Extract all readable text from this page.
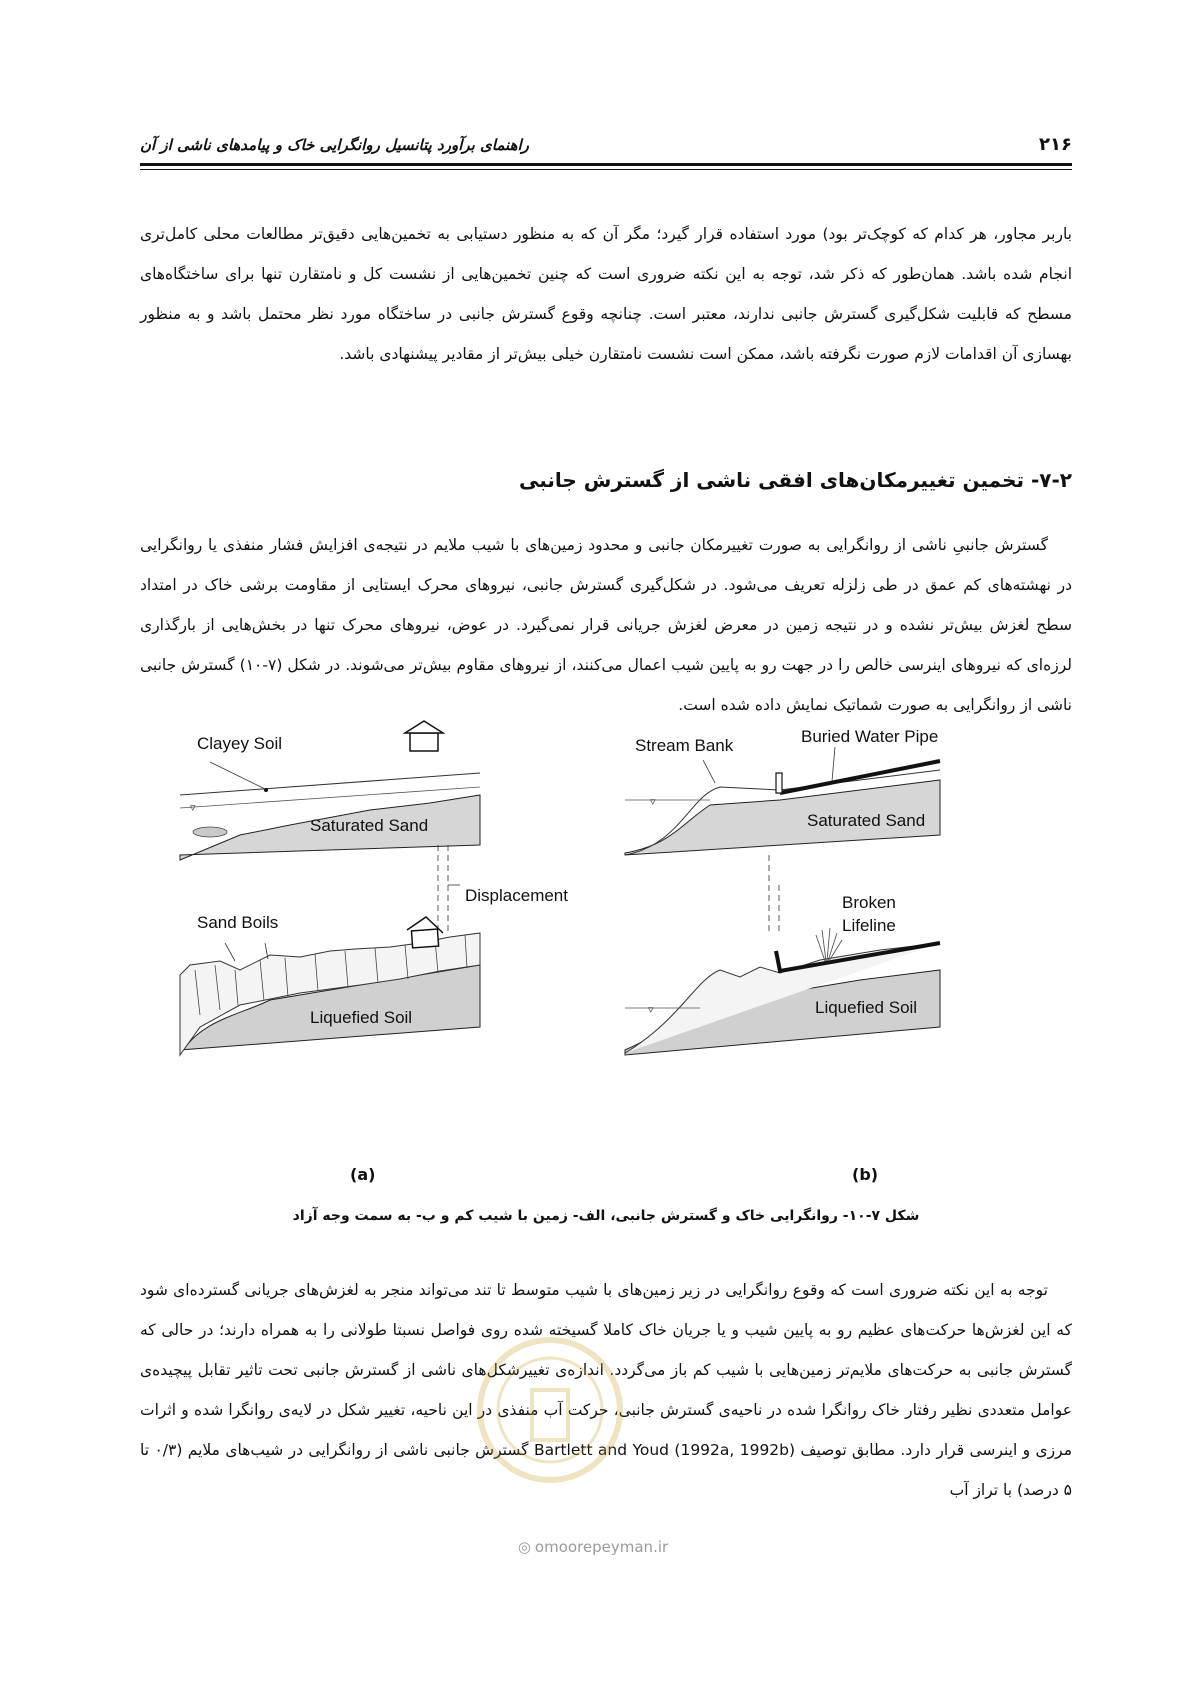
۲۱۶
راهنمای برآورد پتانسیل روانگرایی خاک و پیامدهای ناشی از آن

باربر مجاور، هر کدام که کوچک‌تر بود) مورد استفاده قرار گیرد؛ مگر آن که به منظور دستیابی به تخمین‌هایی دقیق‌تر مطالعات محلی کامل‌تری انجام شده باشد. همان‌طور که ذکر شد، توجه به این نکته ضروری است که چنین تخمین‌هایی از نشست کل و نامتقارن تنها برای ساختگاه‌های مسطح که قابلیت شکل‌گیری گسترش جانبی ندارند، معتبر است. چنانچه وقوع گسترش جانبی در ساختگاه مورد نظر محتمل باشد و به منظور بهسازی آن اقدامات لازم صورت نگرفته باشد، ممکن است نشست نامتقارن خیلی بیش‌تر از مقادیر پیشنهادی باشد.

۷-۲- تخمین تغییرمکان‌های افقی ناشی از گسترش جانبی

گسترش جانبیِ ناشی از روانگرایی به صورت تغییرمکان جانبی و محدود زمین‌های با شیب ملایم در نتیجه‌ی افزایش فشار منفذی یا روانگرایی در نهشته‌های کم عمق در طی زلزله تعریف می‌شود. در شکل‌گیری گسترش جانبی، نیروهای محرک ایستایی از مقاومت برشی خاک در امتداد سطح لغزش بیش‌تر نشده و در نتیجه زمین در معرض لغزش جریانی قرار نمی‌گیرد. در عوض، نیروهای محرک تنها در بخش‌هایی از بارگذاری لرزه‌ای که نیروهای اینرسی خالص را در جهت رو به پایین شیب اعمال می‌کنند، از نیروهای مقاوم بیش‌تر می‌شوند. در شکل (۷-۱۰) گسترش جانبی ناشی از روانگرایی به صورت شماتیک نمایش داده شده است.

▿
Clayey Soil
Saturated Sand
Displacement
Sand Boils
Liquefied Soil
▿
Stream Bank	Buried Water Pipe
Saturated Sand
▿
Broken
Lifeline
Liquefied Soil
(a)	(b)
شکل ۷-۱۰- روانگرایی خاک و گسترش جانبی، الف- زمین با شیب کم و ب- به سمت وجه آزاد

توجه به این نکته ضروری است که وقوع روانگرایی در زیر زمین‌های با شیب متوسط تا تند می‌تواند منجر به لغزش‌های جریانی گسترده‌ای شود که این لغزش‌ها حرکت‌های عظیم رو به پایین شیب و یا جریان خاک کاملا گسیخته شده روی فواصل نسبتا طولانی را به همراه دارند؛ در حالی که گسترش جانبی به حرکت‌های ملایم‌تر زمین‌هایی با شیب کم باز می‌گردد. اندازه‌ی تغییرشکل‌های ناشی از گسترش جانبی تحت تاثیر تقابل پیچیده‌ی عوامل متعددی نظیر رفتار خاک روانگرا شده در ناحیه‌ی گسترش جانبی، حرکت آب منفذی در این ناحیه، تغییر شکل در لایه‌ی روانگرا شده و اثرات مرزی و اینرسی قرار دارد. مطابق توصیف Bartlett and Youd (1992a, 1992b) گسترش جانبی ناشی از روانگرایی در شیب‌های ملایم (۰/۳ تا ۵ درصد) با تراز آب

◎ omoorepeyman.ir
